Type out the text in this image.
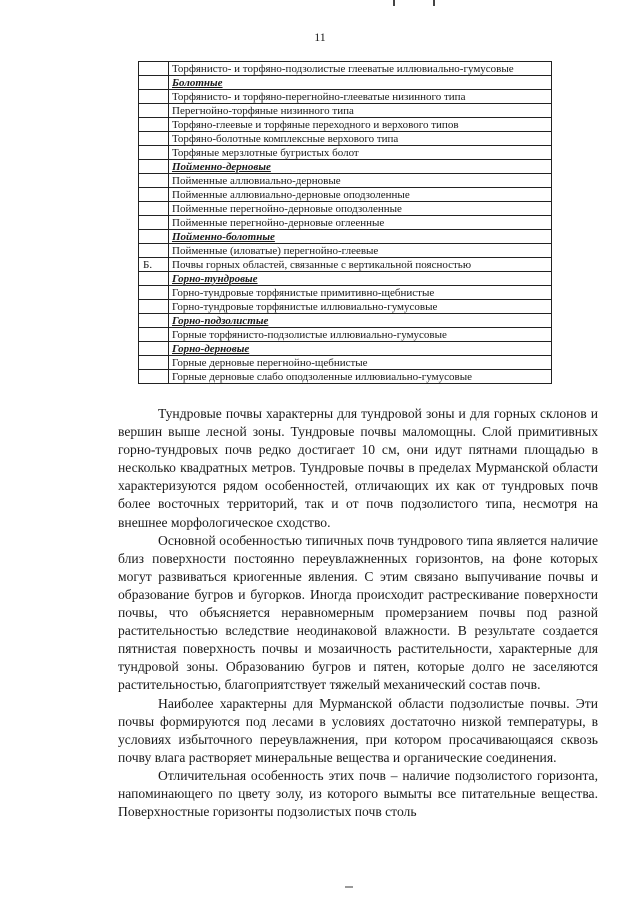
11
	Торфянисто- и торфяно-подзолистые глееватые иллювиально-гумусовые
	Болотные
	Торфянисто- и торфяно-перегнойно-глееватые низинного типа
	Перегнойно-торфяные низинного типа
	Торфяно-глеевые и торфяные переходного и верхового типов
	Торфяно-болотные комплексные верхового типа
	Торфяные мерзлотные бугристых болот
	Пойменно-дерновые
	Пойменные аллювиально-дерновые
	Пойменные аллювиально-дерновые оподзоленные
	Пойменные перегнойно-дерновые оподзоленные
	Пойменные перегнойно-дерновые оглеенные
	Пойменно-болотные
	Пойменные (иловатые) перегнойно-глеевые
Б.	Почвы горных областей, связанные с вертикальной поясностью
	Горно-тундровые
	Горно-тундровые торфянистые примитивно-щебнистые
	Горно-тундровые торфянистые иллювиально-гумусовые
	Горно-подзолистые
	Горные торфянисто-подзолистые иллювиально-гумусовые
	Горно-дерновые
	Горные дерновые перегнойно-щебнистые
	Горные дерновые слабо оподзоленные иллювиально-гумусовые

Тундровые почвы характерны для тундровой зоны и для горных склонов и вершин выше лесной зоны. Тундровые почвы маломощны. Слой примитивных горно-тундровых почв редко достигает 10 см, они идут пятнами площадью в несколько квадратных метров. Тундровые почвы в пределах Мурманской области характеризуются рядом особенностей, отличающих их как от тундровых почв более восточных территорий, так и от почв подзолистого типа, несмотря на внешнее морфологическое сходство.

Основной особенностью типичных почв тундрового типа является наличие близ поверхности постоянно переувлажненных горизонтов, на фоне которых могут развиваться криогенные явления. С этим связано выпучивание почвы и образование бугров и бугорков. Иногда происходит растрескивание поверхности почвы, что объясняется неравномерным промерзанием почвы под разной растительностью вследствие неодинаковой влажности. В результате создается пятнистая поверхность почвы и мозаичность растительности, характерные для тундровой зоны. Образованию бугров и пятен, которые долго не заселяются растительностью, благоприятствует тяжелый механический состав почв.

Наиболее характерны для Мурманской области подзолистые почвы. Эти почвы формируются под лесами в условиях достаточно низкой температуры, в условиях избыточного переувлажнения, при котором просачивающаяся сквозь почву влага растворяет минеральные вещества и органические соединения.

Отличительная особенность этих почв – наличие подзолистого горизонта, напоминающего по цвету золу, из которого вымыты все питательные вещества. Поверхностные горизонты подзолистых почв столь
